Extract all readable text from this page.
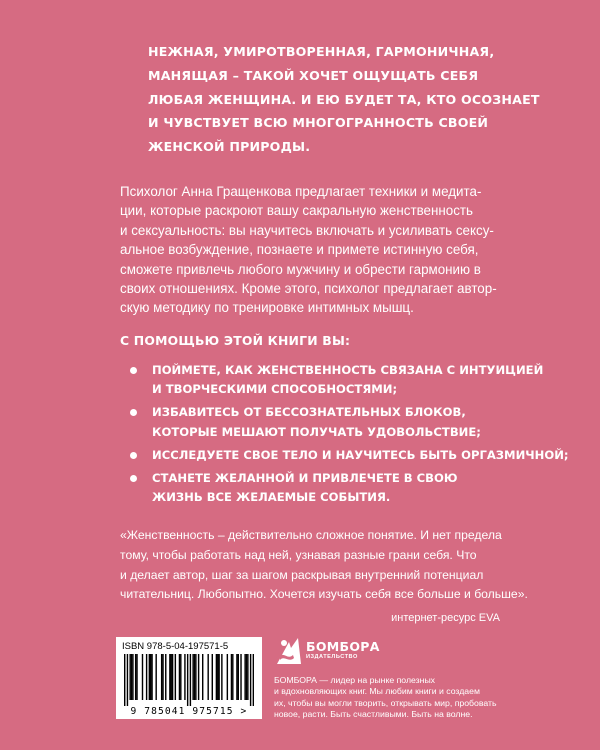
НЕЖНАЯ, УМИРОТВОРЕННАЯ, ГАРМОНИЧНАЯ,
МАНЯЩАЯ – ТАКОЙ ХОЧЕТ ОЩУЩАТЬ СЕБЯ
ЛЮБАЯ ЖЕНЩИНА. И ЕЮ БУДЕТ ТА, КТО ОСОЗНАЕТ
И ЧУВСТВУЕТ ВСЮ МНОГОГРАННОСТЬ СВОЕЙ
ЖЕНСКОЙ ПРИРОДЫ.
Психолог Анна Гращенкова предлагает техники и медита-
ции, которые раскроют вашу сакральную женственность
и сексуальность: вы научитесь включать и усиливать сексу-
альное возбуждение, познаете и примете истинную себя,
сможете привлечь любого мужчину и обрести гармонию в
своих отношениях. Кроме этого, психолог предлагает автор-
скую методику по тренировке интимных мышц.
С ПОМОЩЬЮ ЭТОЙ КНИГИ ВЫ:
ПОЙМЕТЕ, КАК ЖЕНСТВЕННОСТЬ СВЯЗАНА С ИНТУИЦИЕЙ
И ТВОРЧЕСКИМИ СПОСОБНОСТЯМИ;
ИЗБАВИТЕСЬ ОТ БЕССОЗНАТЕЛЬНЫХ БЛОКОВ,
КОТОРЫЕ МЕШАЮТ ПОЛУЧАТЬ УДОВОЛЬСТВИЕ;
ИССЛЕДУЕТЕ СВОЕ ТЕЛО И НАУЧИТЕСЬ БЫТЬ ОРГАЗМИЧНОЙ;
СТАНЕТЕ ЖЕЛАННОЙ И ПРИВЛЕЧЕТЕ В СВОЮ
ЖИЗНЬ ВСЕ ЖЕЛАЕМЫЕ СОБЫТИЯ.
«Женственность – действительно сложное понятие. И нет предела
тому, чтобы работать над ней, узнавая разные грани себя. Что
и делает автор, шаг за шагом раскрывая внутренний потенциал
читательниц. Любопытно. Хочется изучать себя все больше и больше».
интернет-ресурс EVA
ISBN 978-5-04-197571-5
9 785041 975715 >
БОМБОРА
ИЗДАТЕЛЬСТВО
БОМБОРА — лидер на рынке полезных
и вдохновляющих книг. Мы любим книги и создаем
их, чтобы вы могли творить, открывать мир, пробовать
новое, расти. Быть счастливыми. Быть на волне.
